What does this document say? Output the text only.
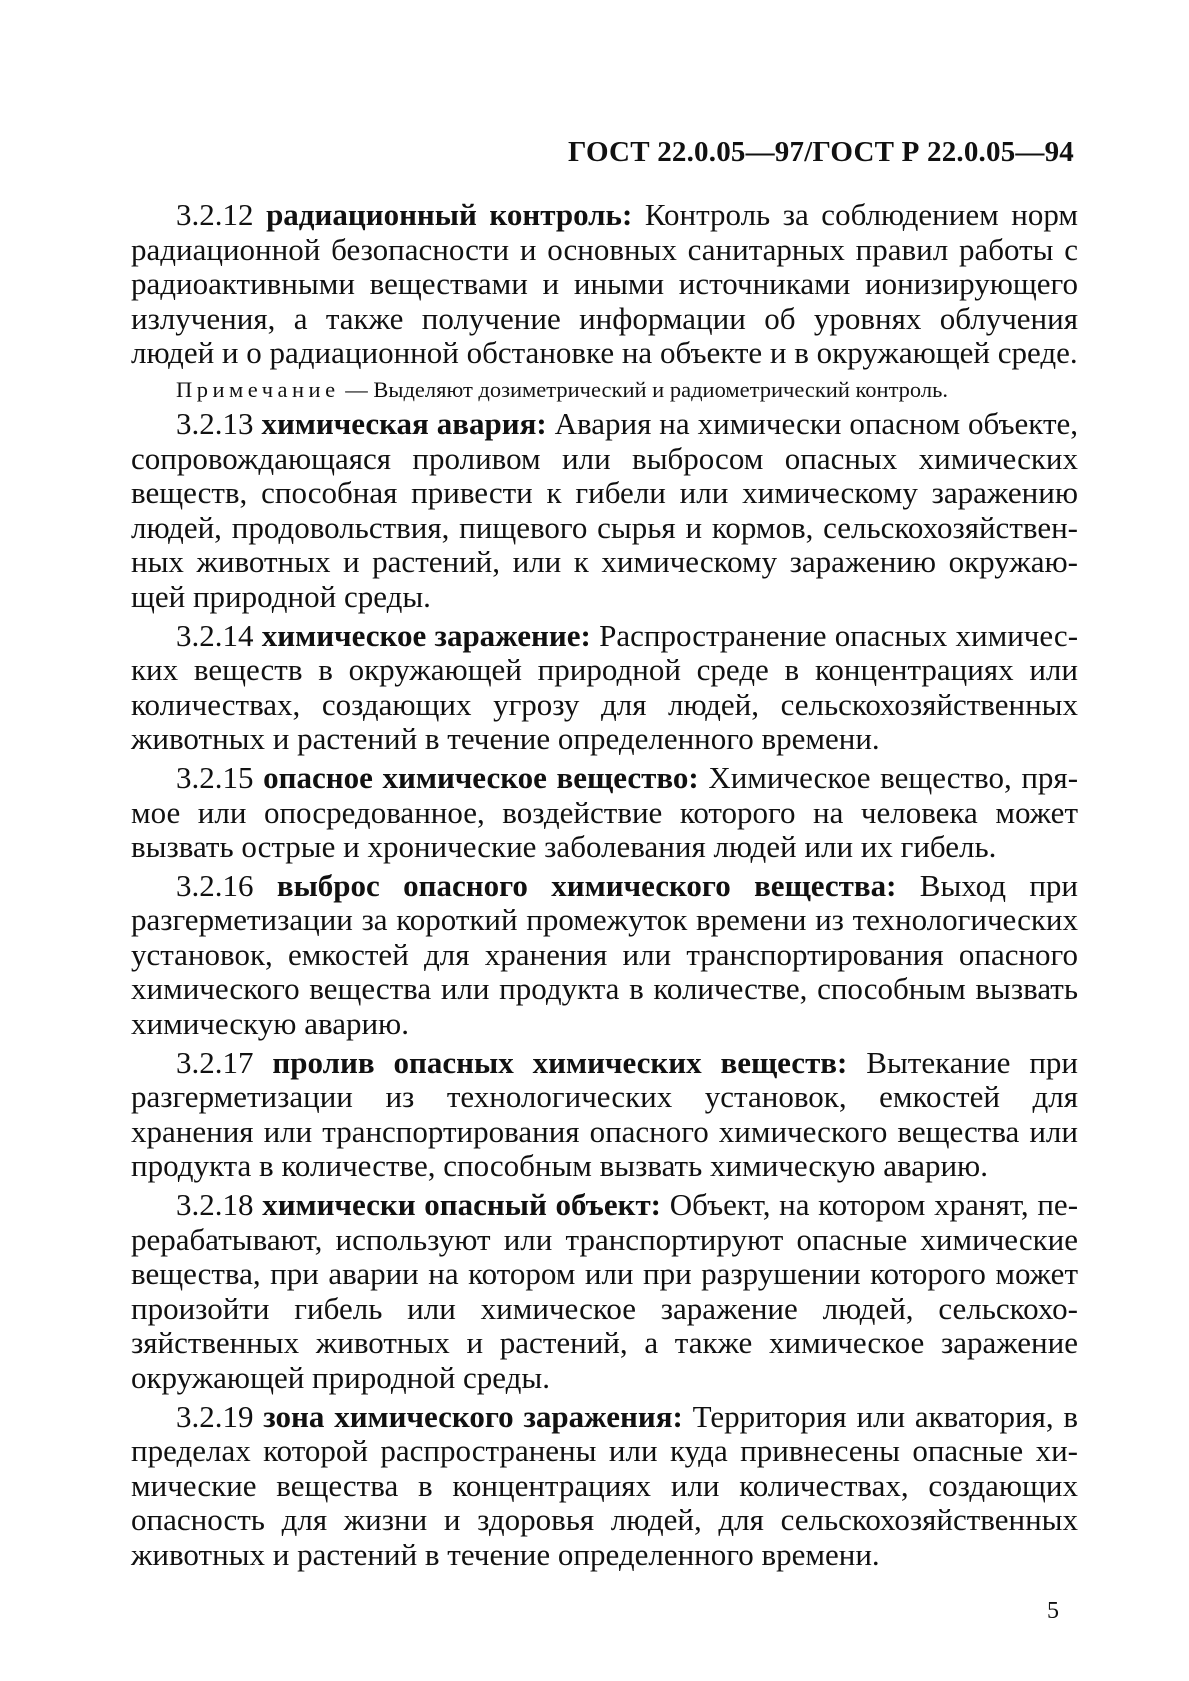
ГОСТ 22.0.05—97/ГОСТ Р 22.0.05—94

3.2.12 радиационный контроль: Контроль за соблюдением норм радиационной безопасности и основных санитарных правил работы с радиоактивными веществами и иными источниками ионизирующего излучения, а также получение информации об уровнях облучения людей и о радиационной обстановке на объекте и в окружающей среде.

Примечание — Выделяют дозиметрический и радиометрический контроль.

3.2.13 химическая авария: Авария на химически опасном объекте, сопровождающаяся проливом или выбросом опасных химических веществ, способная привести к гибели или химическому заражению людей, продовольствия, пищевого сырья и кормов, сельскохозяйственных животных и растений, или к химическому заражению окружающей природной среды.

3.2.14 химическое заражение: Распространение опасных химических веществ в окружающей природной среде в концентрациях или количествах, создающих угрозу для людей, сельскохозяйственных животных и растений в течение определенного времени.

3.2.15 опасное химическое вещество: Химическое вещество, прямое или опосредованное, воздействие которого на человека может вызвать острые и хронические заболевания людей или их гибель.

3.2.16 выброс опасного химического вещества: Выход при разгерметизации за короткий промежуток времени из технологических установок, емкостей для хранения или транспортирования опасного химического вещества или продукта в количестве, способным вызвать химическую аварию.

3.2.17 пролив опасных химических веществ: Вытекание при разгерметизации из технологических установок, емкостей для хранения или транспортирования опасного химического вещества или продукта в количестве, способным вызвать химическую аварию.

3.2.18 химически опасный объект: Объект, на котором хранят, перерабатывают, используют или транспортируют опасные химические вещества, при аварии на котором или при разрушении которого может произойти гибель или химическое заражение людей, сельскохозяйственных животных и растений, а также химическое заражение окружающей природной среды.

3.2.19 зона химического заражения: Территория или акватория, в пределах которой распространены или куда привнесены опасные химические вещества в концентрациях или количествах, создающих опасность для жизни и здоровья людей, для сельскохозяйственных животных и растений в течение определенного времени.

5
